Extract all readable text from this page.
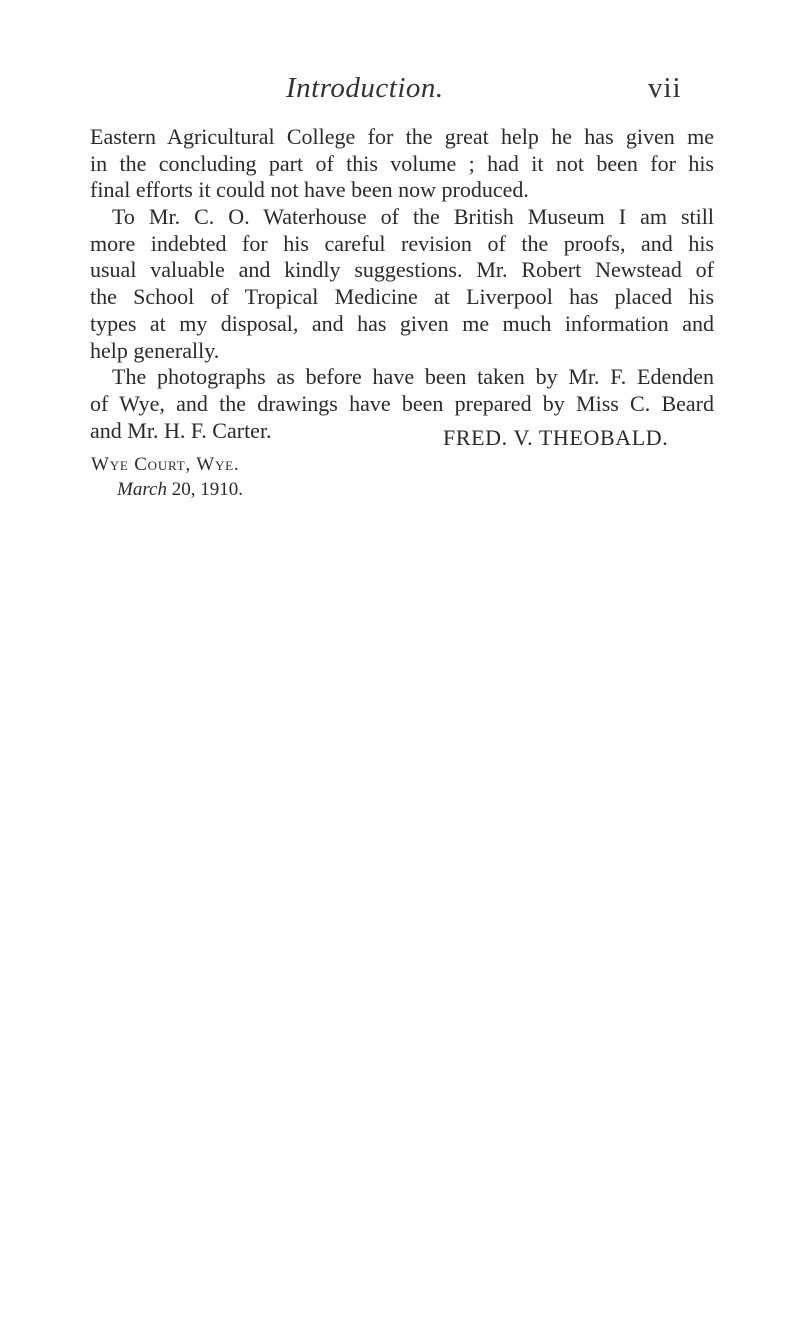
Introduction.	vii
Eastern Agricultural College for the great help he has given me
in the concluding part of this volume ; had it not been for his
final efforts it could not have been now produced.
To Mr. C. O. Waterhouse of the British Museum I am still
more indebted for his careful revision of the proofs, and his
usual valuable and kindly suggestions. Mr. Robert Newstead of
the School of Tropical Medicine at Liverpool has placed his
types at my disposal, and has given me much information and
help generally.
The photographs as before have been taken by Mr. F. Edenden
of Wye, and the drawings have been prepared by Miss C. Beard
and Mr. H. F. Carter.	FRED. V. THEOBALD.
Wye Court, Wye.
March 20, 1910.
